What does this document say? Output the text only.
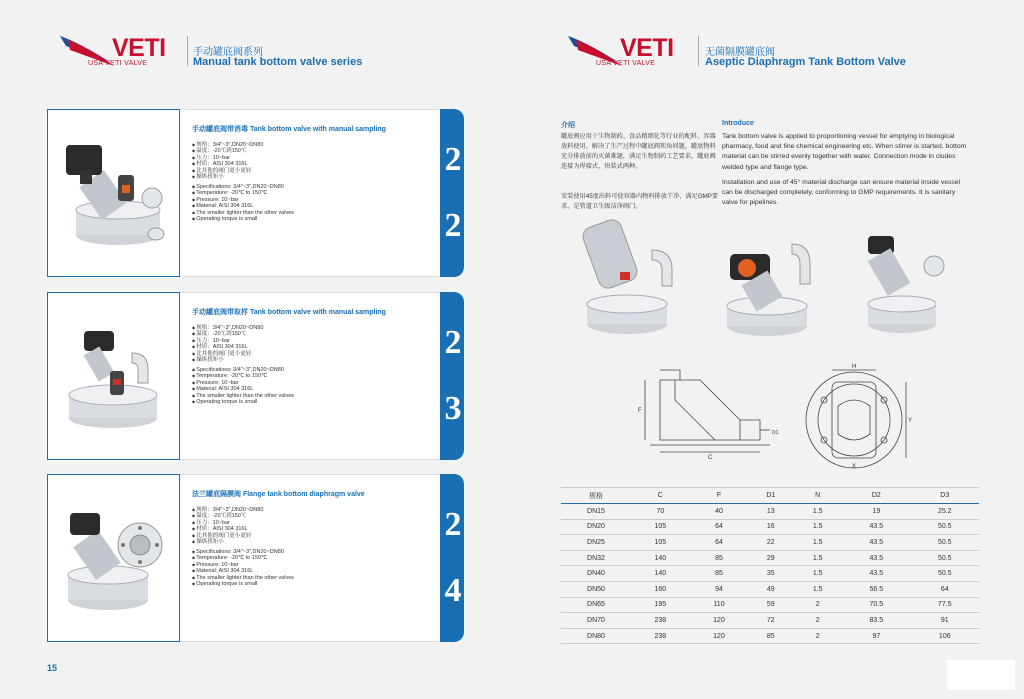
VETI
USA VETI VALVE
手动罐底阀系列
Manual tank bottom valve series
手动罐底阀带消毒 Tank bottom valve with manual sampling
◆ 规格：3/4"~3",DN20~DN80
◆ 温度：-20℃到150℃
◆ 压力：10~bar
◆ 材质：AISI 304 316L
◆ 比其他的阀门更小更轻
◆ 操纵扭矩小
◆ Specifications: 3/4"~3",DN20~DN80
◆ Temperature: -20℃ to 150℃
◆ Pressure: 10~bar
◆ Material: AISI 304 316L
◆ The smaller lighter than the other valves
◆ Operating torque is small
2
2
手动罐底阀带取样 Tank bottom valve with manual sampling
◆ 规格：3/4"~3",DN20~DN80
◆ 温度：-20℃到150℃
◆ 压力：10~bar
◆ 材质：AISI 304 316L
◆ 比其他的阀门更小更轻
◆ 操纵扭矩小
◆ Specifications: 3/4"~3",DN20~DN80
◆ Temperature: -20℃ to 150℃
◆ Pressure: 10~bar
◆ Material: AISI 304 316L
◆ The smaller lighter than the other valves
◆ Operating torque is small
2
3
法兰罐底隔膜阀 Flange tank bottom diaphragm valve
◆ 规格：3/4"~3",DN20~DN80
◆ 温度：-20℃到150℃
◆ 压力：10~bar
◆ 材质：AISI 304 316L
◆ 比其他的阀门更小更轻
◆ 操纵扭矩小
◆ Specifications: 3/4"~3",DN20~DN80
◆ Temperature: -20℃ to 150℃
◆ Pressure: 10~bar
◆ Material: AISI 304 316L
◆ The smaller lighter than the other valves
◆ Operating torque is small
2
4
15
VETI
USA VETI VALVE
无菌隔膜罐底阀
Aseptic Diaphragm Tank Bottom Valve
介绍
罐底阀应用于生物制药、食品精细化等行业的配料、容器放料使用。解决了生产过程中罐底阀死角问题，罐底物料充分排放前的灭菌难题，满足生物制药工艺要求，罐底阀连接为焊接式、快装式两种。
安装使用45度出料可使容器内物料排放干净，满足GMP要求，是管道卫生级洁净阀门。
Introduce
Tank bottom valve is applied to proportioning vessel for emptying in biological pharmacy, food and fine chemical engineering etc. When stirrer is started, bottom material can be stirred evenly together with water. Connection mode in cludes welded type and flange type.
Installation and use of 45° material discharge can ensure material inside vessel can be discharged completely, conforming to GMP requirements. It is sanitary valve for pipelines.
F
C
D1
H
Y
X
规格	C	F	D1	N	D2	D3
DN15	70	40	13	1.5	19	25.2
DN20	105	64	16	1.5	43.5	50.5
DN25	105	64	22	1.5	43.5	50.5
DN32	140	85	29	1.5	43.5	50.5
DN40	140	85	35	1.5	43.5	50.5
DN50	160	94	49	1.5	56.5	64
DN65	195	110	59	2	70.5	77.5
DN70	238	120	72	2	83.5	91
DN80	238	120	85	2	97	106
